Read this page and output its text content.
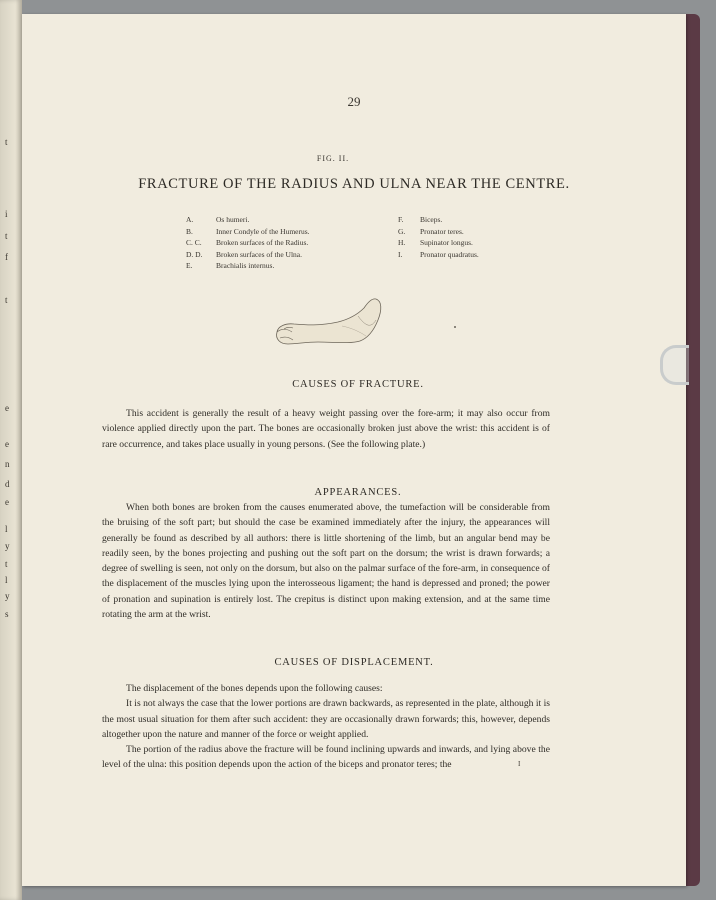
t
i
t
f
t
e
e
n
d
e
l
y
t
l
y
s
29
FIG. II.
FRACTURE OF THE RADIUS AND ULNA NEAR THE CENTRE.
A.	Os humeri.
B.	Inner Condyle of the Humerus.
C. C. Broken surfaces of the Radius.
D. D. Broken surfaces of the Ulna.
E.	Brachialis internus.
F. Biceps.
G. Pronator teres.
H. Supinator longus.
I. Pronator quadratus.
CAUSES OF FRACTURE.

This accident is generally the result of a heavy weight passing over the fore-arm; it may also occur from violence applied directly upon the part. The bones are occasionally broken just above the wrist: this accident is of rare occurrence, and takes place usually in young persons. (See the following plate.)

APPEARANCES.

When both bones are broken from the causes enumerated above, the tumefaction will be considerable from the bruising of the soft part; but should the case be examined immediately after the injury, the appearances will generally be found as described by all authors: there is little shortening of the limb, but an angular bend may be readily seen, by the bones projecting and pushing out the soft part on the dorsum; the wrist is drawn forwards; a degree of swelling is seen, not only on the dorsum, but also on the palmar surface of the fore-arm, in consequence of the displacement of the muscles lying upon the interosseous ligament; the hand is depressed and proned; the power of pronation and supination is entirely lost. The crepitus is distinct upon making extension, and at the same time rotating the arm at the wrist.

CAUSES OF DISPLACEMENT.

The displacement of the bones depends upon the following causes:

It is not always the case that the lower portions are drawn backwards, as represented in the plate, although it is the most usual situation for them after such accident: they are occasionally drawn forwards; this, however, depends altogether upon the nature and manner of the force or weight applied.

The portion of the radius above the fracture will be found inclining upwards and inwards, and lying above the level of the ulna: this position depends upon the action of the biceps and pronator teres; the	I
